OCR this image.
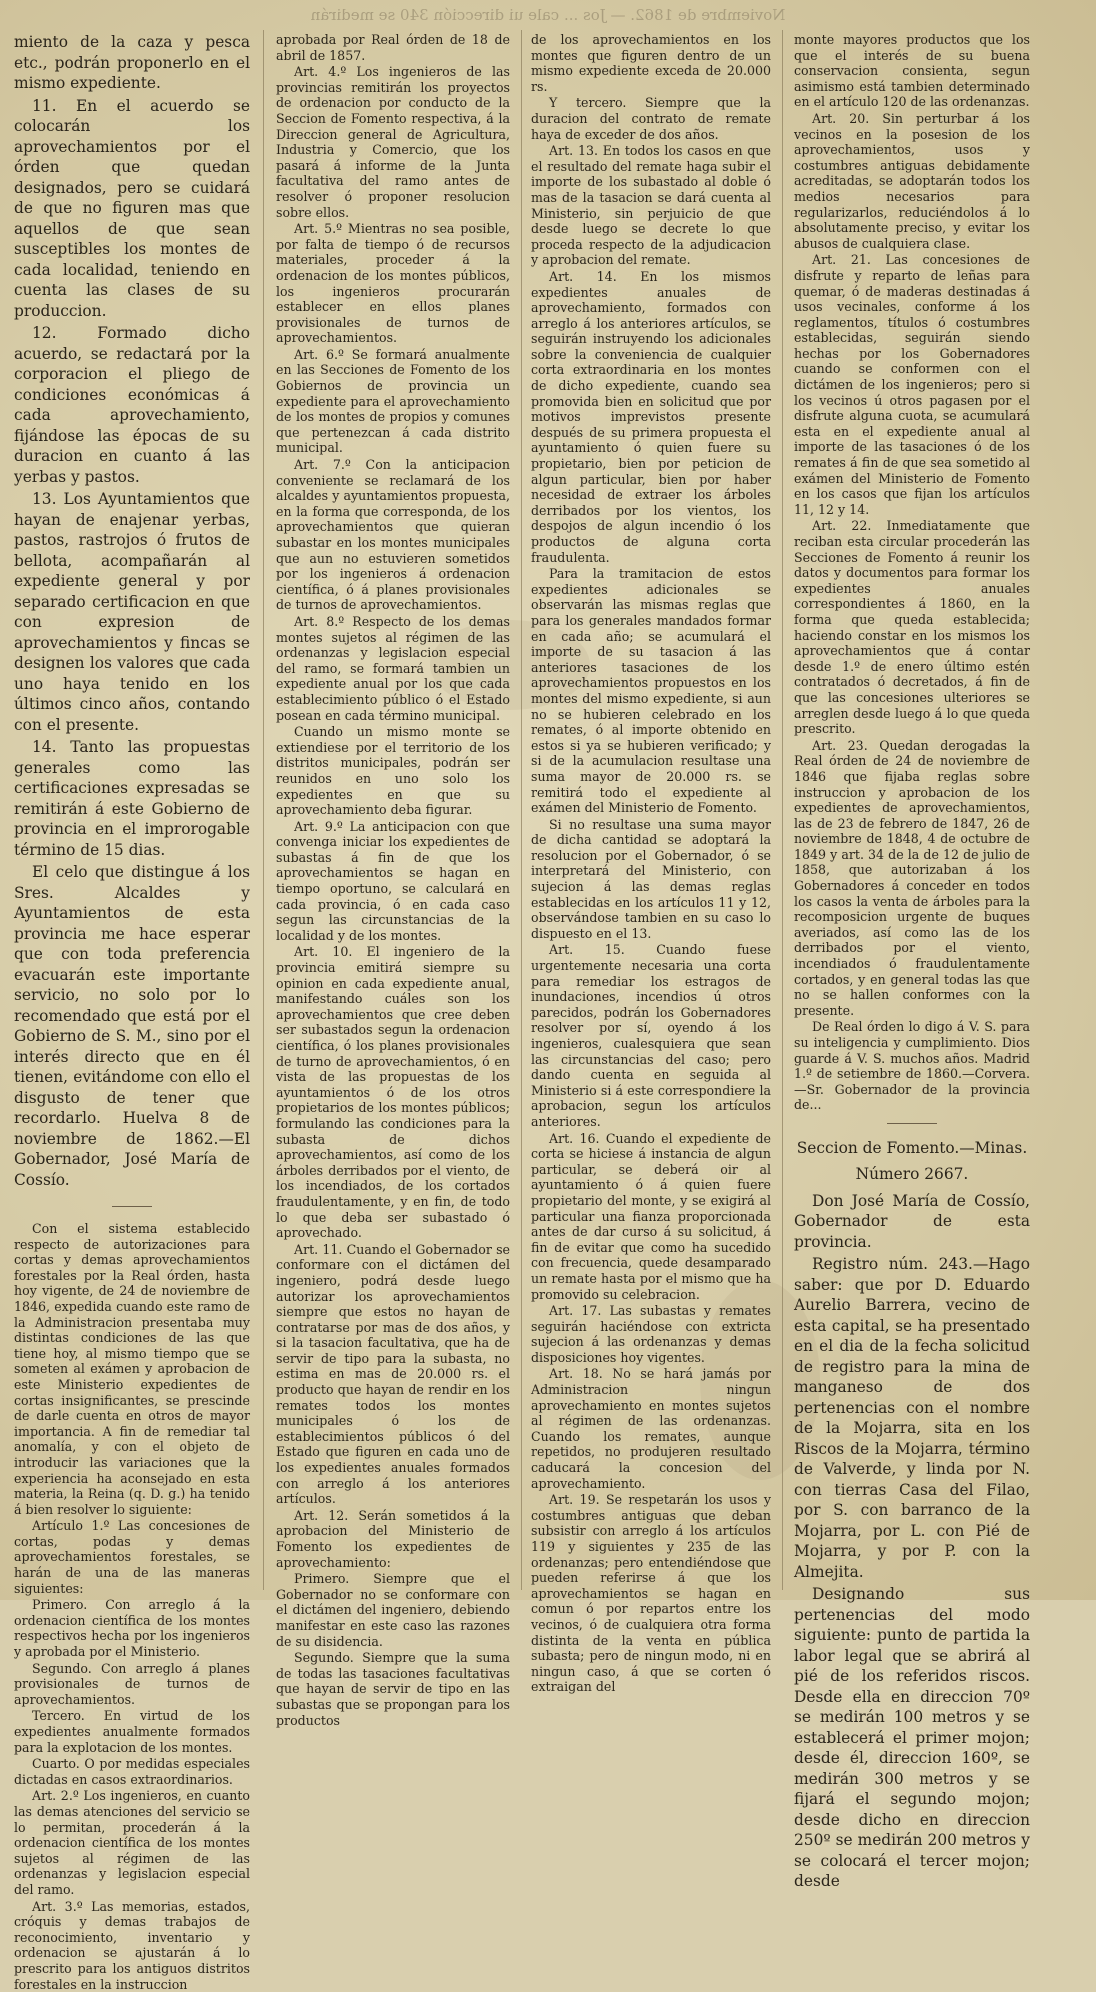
Noviembre de 1862. — Jos ... cale ui dirección 340 se medirán

miento de la caza y pesca etc., podrán proponerlo en el mismo expediente.

11. En el acuerdo se colocarán los aprovechamientos por el órden que quedan designados, pero se cuidará de que no figuren mas que aquellos de que sean susceptibles los montes de cada localidad, teniendo en cuenta las clases de su produccion.

12. Formado dicho acuerdo, se redactará por la corporacion el pliego de condiciones económicas á cada aprovechamiento, fijándose las épocas de su duracion en cuanto á las yerbas y pastos.

13. Los Ayuntamientos que hayan de enajenar yerbas, pastos, rastrojos ó frutos de bellota, acompañarán al expediente general y por separado certificacion en que con expresion de aprovechamientos y fincas se designen los valores que cada uno haya tenido en los últimos cinco años, contando con el presente.

14. Tanto las propuestas generales como las certificaciones expresadas se remitirán á este Gobierno de provincia en el improrogable término de 15 dias.

El celo que distingue á los Sres. Alcaldes y Ayuntamientos de esta provincia me hace esperar que con toda preferencia evacuarán este importante servicio, no solo por lo recomendado que está por el Gobierno de S. M., sino por el interés directo que en él tienen, evitándome con ello el disgusto de tener que recordarlo. Huelva 8 de noviembre de 1862.—El Gobernador, José María de Cossío.

Con el sistema establecido respecto de autorizaciones para cortas y demas aprovechamientos forestales por la Real órden, hasta hoy vigente, de 24 de noviembre de 1846, expedida cuando este ramo de la Administracion presentaba muy distintas condiciones de las que tiene hoy, al mismo tiempo que se someten al exámen y aprobacion de este Ministerio expedientes de cortas insignificantes, se prescinde de darle cuenta en otros de mayor importancia. A fin de remediar tal anomalía, y con el objeto de introducir las variaciones que la experiencia ha aconsejado en esta materia, la Reina (q. D. g.) ha tenido á bien resolver lo siguiente:

Artículo 1.º Las concesiones de cortas, podas y demas aprovechamientos forestales, se harán de una de las maneras siguientes:

Primero. Con arreglo á la ordenacion científica de los montes respectivos hecha por los ingenieros y aprobada por el Ministerio.

Segundo. Con arreglo á planes provisionales de turnos de aprovechamientos.

Tercero. En virtud de los expedientes anualmente formados para la explotacion de los montes.

Cuarto. O por medidas especiales dictadas en casos extraordinarios.

Art. 2.º Los ingenieros, en cuanto las demas atenciones del servicio se lo permitan, procederán á la ordenacion científica de los montes sujetos al régimen de las ordenanzas y legislacion especial del ramo.

Art. 3.º Las memorias, estados, cróquis y demas trabajos de reconocimiento, inventario y ordenacion se ajustarán á lo prescrito para los antiguos distritos forestales en la instruccion

aprobada por Real órden de 18 de abril de 1857.

Art. 4.º Los ingenieros de las provincias remitirán los proyectos de ordenacion por conducto de la Seccion de Fomento respectiva, á la Direccion general de Agricultura, Industria y Comercio, que los pasará á informe de la Junta facultativa del ramo antes de resolver ó proponer resolucion sobre ellos.

Art. 5.º Mientras no sea posible, por falta de tiempo ó de recursos materiales, proceder á la ordenacion de los montes públicos, los ingenieros procurarán establecer en ellos planes provisionales de turnos de aprovechamientos.

Art. 6.º Se formará anualmente en las Secciones de Fomento de los Gobiernos de provincia un expediente para el aprovechamiento de los montes de propios y comunes que pertenezcan á cada distrito municipal.

Art. 7.º Con la anticipacion conveniente se reclamará de los alcaldes y ayuntamientos propuesta, en la forma que corresponda, de los aprovechamientos que quieran subastar en los montes municipales que aun no estuvieren sometidos por los ingenieros á ordenacion científica, ó á planes provisionales de turnos de aprovechamientos.

Art. 8.º Respecto de los demas montes sujetos al régimen de las ordenanzas y legislacion especial del ramo, se formará tambien un expediente anual por los que cada establecimiento público ó el Estado posean en cada término municipal.

Cuando un mismo monte se extiendiese por el territorio de los distritos municipales, podrán ser reunidos en uno solo los expedientes en que su aprovechamiento deba figurar.

Art. 9.º La anticipacion con que convenga iniciar los expedientes de subastas á fin de que los aprovechamientos se hagan en tiempo oportuno, se calculará en cada provincia, ó en cada caso segun las circunstancias de la localidad y de los montes.

Art. 10. El ingeniero de la provincia emitirá siempre su opinion en cada expediente anual, manifestando cuáles son los aprovechamientos que cree deben ser subastados segun la ordenacion científica, ó los planes provisionales de turno de aprovechamientos, ó en vista de las propuestas de los ayuntamientos ó de los otros propietarios de los montes públicos; formulando las condiciones para la subasta de dichos aprovechamientos, así como de los árboles derribados por el viento, de los incendiados, de los cortados fraudulentamente, y en fin, de todo lo que deba ser subastado ó aprovechado.

Art. 11. Cuando el Gobernador se conformare con el dictámen del ingeniero, podrá desde luego autorizar los aprovechamientos siempre que estos no hayan de contratarse por mas de dos años, y si la tasacion facultativa, que ha de servir de tipo para la subasta, no estima en mas de 20.000 rs. el producto que hayan de rendir en los remates todos los montes municipales ó los de establecimientos públicos ó del Estado que figuren en cada uno de los expedientes anuales formados con arreglo á los anteriores artículos.

Art. 12. Serán sometidos á la aprobacion del Ministerio de Fomento los expedientes de aprovechamiento:

Primero. Siempre que el Gobernador no se conformare con el dictámen del ingeniero, debiendo manifestar en este caso las razones de su disidencia.

Segundo. Siempre que la suma de todas las tasaciones facultativas que hayan de servir de tipo en las subastas que se propongan para los productos

de los aprovechamientos en los montes que figuren dentro de un mismo expediente exceda de 20.000 rs.

Y tercero. Siempre que la duracion del contrato de remate haya de exceder de dos años.

Art. 13. En todos los casos en que el resultado del remate haga subir el importe de los subastado al doble ó mas de la tasacion se dará cuenta al Ministerio, sin perjuicio de que desde luego se decrete lo que proceda respecto de la adjudicacion y aprobacion del remate.

Art. 14. En los mismos expedientes anuales de aprovechamiento, formados con arreglo á los anteriores artículos, se seguirán instruyendo los adicionales sobre la conveniencia de cualquier corta extraordinaria en los montes de dicho expediente, cuando sea promovida bien en solicitud que por motivos imprevistos presente después de su primera propuesta el ayuntamiento ó quien fuere su propietario, bien por peticion de algun particular, bien por haber necesidad de extraer los árboles derribados por los vientos, los despojos de algun incendio ó los productos de alguna corta fraudulenta.

Para la tramitacion de estos expedientes adicionales se observarán las mismas reglas que para los generales mandados formar en cada año; se acumulará el importe de su tasacion á las anteriores tasaciones de los aprovechamientos propuestos en los montes del mismo expediente, si aun no se hubieren celebrado en los remates, ó al importe obtenido en estos si ya se hubieren verificado; y si de la acumulacion resultase una suma mayor de 20.000 rs. se remitirá todo el expediente al exámen del Ministerio de Fomento.

Si no resultase una suma mayor de dicha cantidad se adoptará la resolucion por el Gobernador, ó se interpretará del Ministerio, con sujecion á las demas reglas establecidas en los artículos 11 y 12, observándose tambien en su caso lo dispuesto en el 13.

Art. 15. Cuando fuese urgentemente necesaria una corta para remediar los estragos de inundaciones, incendios ú otros parecidos, podrán los Gobernadores resolver por sí, oyendo á los ingenieros, cualesquiera que sean las circunstancias del caso; pero dando cuenta en seguida al Ministerio si á este correspondiere la aprobacion, segun los artículos anteriores.

Art. 16. Cuando el expediente de corta se hiciese á instancia de algun particular, se deberá oir al ayuntamiento ó á quien fuere propietario del monte, y se exigirá al particular una fianza proporcionada antes de dar curso á su solicitud, á fin de evitar que como ha sucedido con frecuencia, quede desamparado un remate hasta por el mismo que ha promovido su celebracion.

Art. 17. Las subastas y remates seguirán haciéndose con extricta sujecion á las ordenanzas y demas disposiciones hoy vigentes.

Art. 18. No se hará jamás por Administracion ningun aprovechamiento en montes sujetos al régimen de las ordenanzas. Cuando los remates, aunque repetidos, no produjeren resultado caducará la concesion del aprovechamiento.

Art. 19. Se respetarán los usos y costumbres antiguas que deban subsistir con arreglo á los artículos 119 y siguientes y 235 de las ordenanzas; pero entendiéndose que pueden referirse á que los aprovechamientos se hagan en comun ó por repartos entre los vecinos, ó de cualquiera otra forma distinta de la venta en pública subasta; pero de ningun modo, ni en ningun caso, á que se corten ó extraigan del

monte mayores productos que los que el interés de su buena conservacion consienta, segun asimismo está tambien determinado en el artículo 120 de las ordenanzas.

Art. 20. Sin perturbar á los vecinos en la posesion de los aprovechamientos, usos y costumbres antiguas debidamente acreditadas, se adoptarán todos los medios necesarios para regularizarlos, reduciéndolos á lo absolutamente preciso, y evitar los abusos de cualquiera clase.

Art. 21. Las concesiones de disfrute y reparto de leñas para quemar, ó de maderas destinadas á usos vecinales, conforme á los reglamentos, títulos ó costumbres establecidas, seguirán siendo hechas por los Gobernadores cuando se conformen con el dictámen de los ingenieros; pero si los vecinos ú otros pagasen por el disfrute alguna cuota, se acumulará esta en el expediente anual al importe de las tasaciones ó de los remates á fin de que sea sometido al exámen del Ministerio de Fomento en los casos que fijan los artículos 11, 12 y 14.

Art. 22. Inmediatamente que reciban esta circular procederán las Secciones de Fomento á reunir los datos y documentos para formar los expedientes anuales correspondientes á 1860, en la forma que queda establecida; haciendo constar en los mismos los aprovechamientos que á contar desde 1.º de enero último estén contratados ó decretados, á fin de que las concesiones ulteriores se arreglen desde luego á lo que queda prescrito.

Art. 23. Quedan derogadas la Real órden de 24 de noviembre de 1846 que fijaba reglas sobre instruccion y aprobacion de los expedientes de aprovechamientos, las de 23 de febrero de 1847, 26 de noviembre de 1848, 4 de octubre de 1849 y art. 34 de la de 12 de julio de 1858, que autorizaban á los Gobernadores á conceder en todos los casos la venta de árboles para la recomposicion urgente de buques averiados, así como las de los derribados por el viento, incendiados ó fraudulentamente cortados, y en general todas las que no se hallen conformes con la presente.

De Real órden lo digo á V. S. para su inteligencia y cumplimiento. Dios guarde á V. S. muchos años. Madrid 1.º de setiembre de 1860.—Corvera.—Sr. Gobernador de la provincia de...

Seccion de Fomento.—Minas.

Número 2667.

Don José María de Cossío, Gobernador de esta provincia.

Registro núm. 243.—Hago saber: que por D. Eduardo Aurelio Barrera, vecino de esta capital, se ha presentado en el dia de la fecha solicitud de registro para la mina de manganeso de dos pertenencias con el nombre de la Mojarra, sita en los Riscos de la Mojarra, término de Valverde, y linda por N. con tierras Casa del Filao, por S. con barranco de la Mojarra, por L. con Pié de Mojarra, y por P. con la Almejita.

Designando sus pertenencias del modo siguiente: punto de partida la labor legal que se abrirá al pié de los referidos riscos. Desde ella en direccion 70º se medirán 100 metros y se establecerá el primer mojon; desde él, direccion 160º, se medirán 300 metros y se fijará el segundo mojon; desde dicho en direccion 250º se medirán 200 metros y se colocará el tercer mojon; desde
